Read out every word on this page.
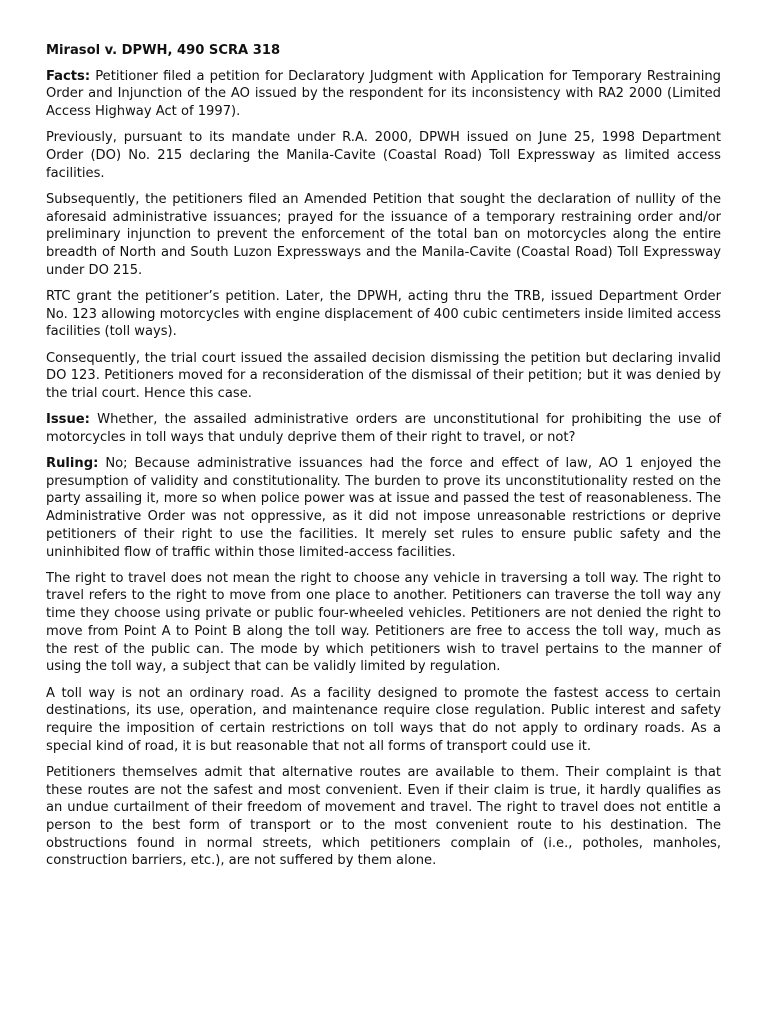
Mirasol v. DPWH, 490 SCRA 318

Facts: Petitioner filed a petition for Declaratory Judgment with Application for Temporary Restraining Order and Injunction of the AO issued by the respondent for its inconsistency with RA2 2000 (Limited Access Highway Act of 1997).

Previously, pursuant to its mandate under R.A. 2000, DPWH issued on June 25, 1998 Department Order (DO) No. 215 declaring the Manila-Cavite (Coastal Road) Toll Expressway as limited access facilities.

Subsequently, the petitioners filed an Amended Petition that sought the declaration of nullity of the aforesaid administrative issuances; prayed for the issuance of a temporary restraining order and/or preliminary injunction to prevent the enforcement of the total ban on motorcycles along the entire breadth of North and South Luzon Expressways and the Manila-Cavite (Coastal Road) Toll Expressway under DO 215.

RTC grant the petitioner’s petition. Later, the DPWH, acting thru the TRB, issued Department Order No. 123 allowing motorcycles with engine displacement of 400 cubic centimeters inside limited access facilities (toll ways).

Consequently, the trial court issued the assailed decision dismissing the petition but declaring invalid DO 123. Petitioners moved for a reconsideration of the dismissal of their petition; but it was denied by the trial court. Hence this case.

Issue: Whether, the assailed administrative orders are unconstitutional for prohibiting the use of motorcycles in toll ways that unduly deprive them of their right to travel, or not?

Ruling: No; Because administrative issuances had the force and effect of law, AO 1 enjoyed the presumption of validity and constitutionality. The burden to prove its unconstitutionality rested on the party assailing it, more so when police power was at issue and passed the test of reasonableness. The Administrative Order was not oppressive, as it did not impose unreasonable restrictions or deprive petitioners of their right to use the facilities. It merely set rules to ensure public safety and the uninhibited flow of traffic within those limited-access facilities.

The right to travel does not mean the right to choose any vehicle in traversing a toll way. The right to travel refers to the right to move from one place to another. Petitioners can traverse the toll way any time they choose using private or public four-wheeled vehicles. Petitioners are not denied the right to move from Point A to Point B along the toll way. Petitioners are free to access the toll way, much as the rest of the public can. The mode by which petitioners wish to travel pertains to the manner of using the toll way, a subject that can be validly limited by regulation.

A toll way is not an ordinary road. As a facility designed to promote the fastest access to certain destinations, its use, operation, and maintenance require close regulation. Public interest and safety require the imposition of certain restrictions on toll ways that do not apply to ordinary roads. As a special kind of road, it is but reasonable that not all forms of transport could use it.

Petitioners themselves admit that alternative routes are available to them. Their complaint is that these routes are not the safest and most convenient. Even if their claim is true, it hardly qualifies as an undue curtailment of their freedom of movement and travel. The right to travel does not entitle a person to the best form of transport or to the most convenient route to his destination. The obstructions found in normal streets, which petitioners complain of (i.e., potholes, manholes, construction barriers, etc.), are not suffered by them alone.
